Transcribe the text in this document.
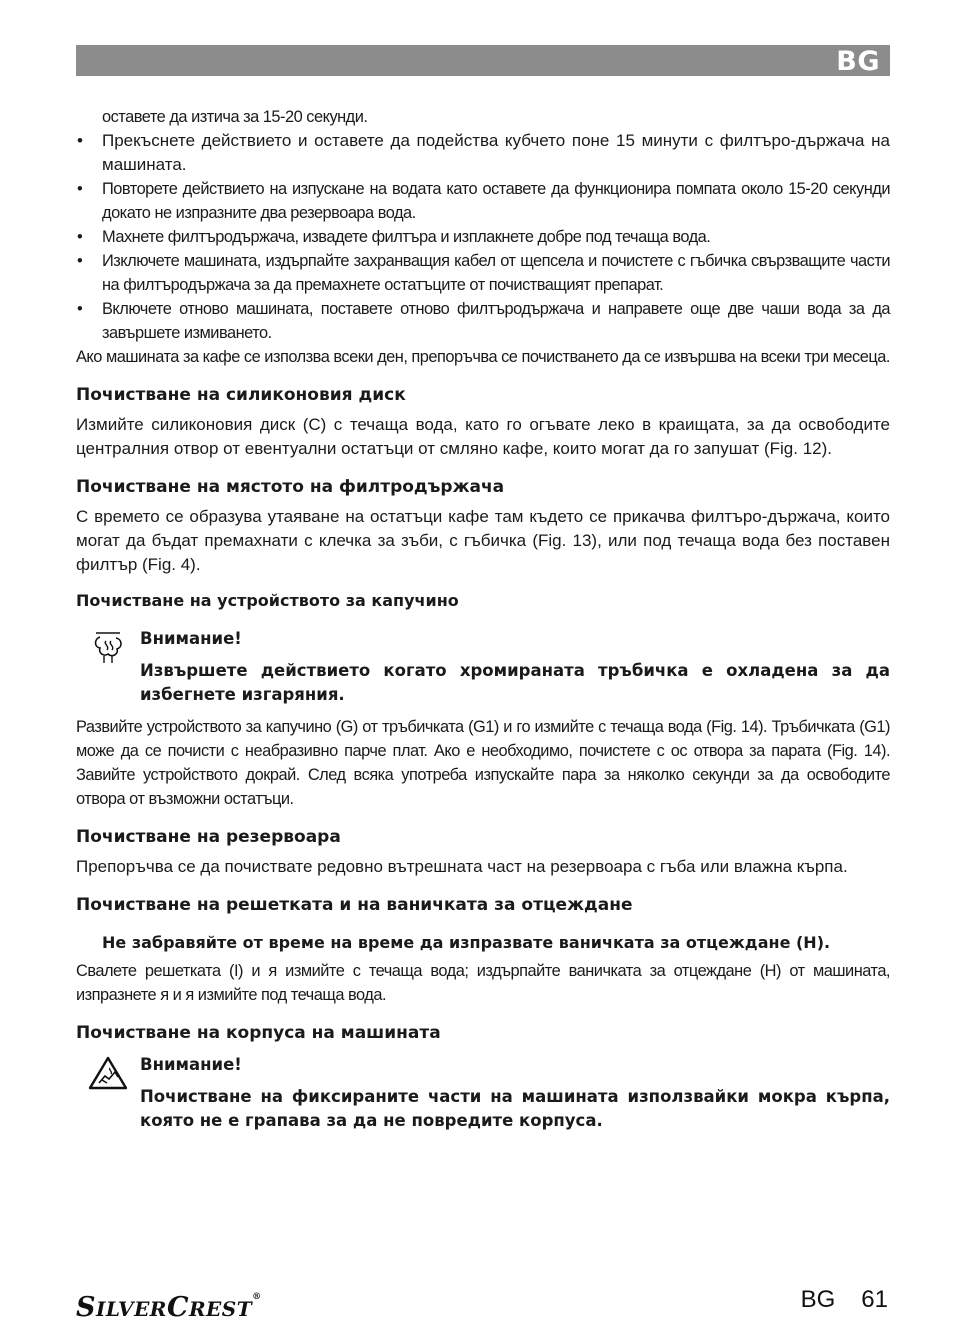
BG

оставете да изтича за 15-20 секунди.

• Прекъснете действието и оставете да подейства кубчето поне 15 минути с филтъро-държача на машината.
• Повторете действието на изпускане на водата като оставете да функционира помпата около 15-20 секунди докато не изпразните два резервоара вода.
• Махнете филтъродържача, извадете филтъра и изплакнете добре под течаща вода.
• Изключете машината, издърпайте захранващия кабел от щепсела и почистете с гъбичка свързващите части на филтъродържача за да премахнете остатъците от почистващият препарат.
• Включете отново машината, поставете отново филтъродържача и направете още две чаши вода за да завършете измиването.

Ако машината за кафе се използва всеки ден, препоръчва се почистването да се извършва на всеки три месеца.

Почистване на силиконовия диск

Измийте силиконовия диск (C) с течаща вода, като го огъвате леко в краищата, за да освободите централния отвор от евентуални остатъци от смляно кафе, които могат да го запушат (Fig. 12).

Почистване на мястото на филтродържача

С времето се образува утаяване на остатъци кафе там където се прикачва филтъро-държача, които могат да бъдат премахнати с клечка за зъби, с гъбичка (Fig. 13), или под течаща вода без поставен филтър (Fig. 4).

Почистване на устройството за капучино

Внимание!

Извършете действието когато хромираната тръбичка е охладена за да избегнете изгаряния.

Развийте устройството за капучино (G) от тръбичката (G1) и го измийте с течаща вода (Fig. 14). Тръбичката (G1) може да се почисти с неабразивно парче плат. Ако е необходимо, почистете с ос отвора за парата (Fig. 14). Завийте устройството докрай. След всяка употреба изпускайте пара за няколко секунди за да освободите отвора от възможни остатъци.

Почистване на резервоара

Препоръчва се да почиствате редовно вътрешната част на резервоара с гъба или влажна кърпа.

Почистване на решетката и на ваничката за отцеждане

Не забравяйте от време на време да изпразвате ваничката за отцеждане (H).

Свалете решетката (I) и я измийте с течаща вода; издърпайте ваничката за отцеждане (H) от машината, изпразнете я и я измийте под течаща вода.

Почистване на корпуса на машината

Внимание!

Почистване на фиксираните части на машината използвайки мокра кърпа, която не е грапава за да не повредите корпуса.

SILVERCREST®	BG 61
